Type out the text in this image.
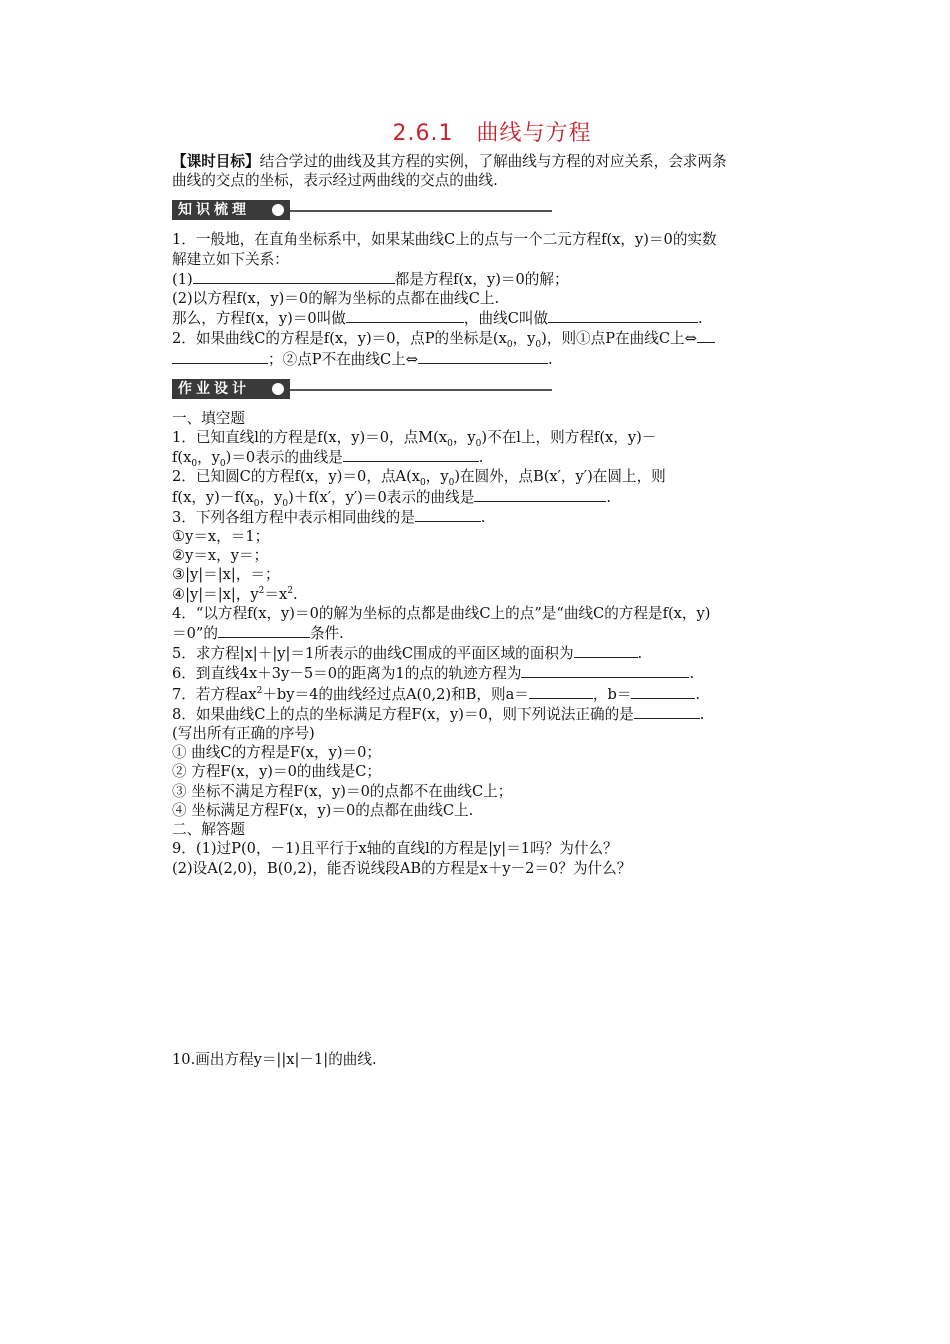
2.6.1　曲线与方程
【课时目标】结合学过的曲线及其方程的实例，了解曲线与方程的对应关系，会求两条
曲线的交点的坐标，表示经过两曲线的交点的曲线.
知识梳理
1．一般地，在直角坐标系中，如果某曲线C上的点与一个二元方程f(x，y)＝0的实数
解建立如下关系：
(1)	都是方程f(x，y)＝0的解；
(2)以方程f(x，y)＝0的解为坐标的点都在曲线C上.
那么，方程f(x，y)＝0叫做	，曲线C叫做	.
2．如果曲线C的方程是f(x，y)＝0，点P的坐标是($x_0$，$y_0$)，则①点P在曲线C上⇔
；②点P不在曲线C上⇔	.
作业设计
一、填空题
1．已知直线l的方程是f(x，y)＝0，点$M(x_0$，$y_0$)不在l上，则方程f(x，y)－
$f(x_0$，$y_0)=0$表示的曲线是	.
2．已知圆C的方程f(x，y)＝0，点$A(x_0$，$y_0$)在圆外，点B(x′，y′)在圆上，则
f(x，$y)-f(x_0$，$y_0)+f(x'$，y′)＝0表示的曲线是	.
3．下列各组方程中表示相同曲线的是	.
①y＝x，＝1；
②y＝x，y＝；
③|y|＝|x|，＝；
④|y|＝|x|，$y^2=x^2$.
4．“以方程f(x，y)＝0的解为坐标的点都是曲线C上的点”是“曲线C的方程是f(x，y)
＝0”的	条件.
5．求方程|x|＋|y|＝1所表示的曲线C围成的平面区域的面积为	.
6．到直线4x＋3y－5＝0的距离为1的点的轨迹方程为	.
7．若方程$ax^2+by=4$的曲线经过点A(0,2)和B，则a＝	，b＝	.
8．如果曲线C上的点的坐标满足方程F(x，y)＝0，则下列说法正确的是	.
(写出所有正确的序号)
① 曲线C的方程是F(x，y)＝0；
② 方程F(x，y)＝0的曲线是C；
③ 坐标不满足方程F(x，y)＝0的点都不在曲线C上；
④ 坐标满足方程F(x，y)＝0的点都在曲线C上.
二、解答题
9．(1)过P(0，－1)且平行于x轴的直线l的方程是|y|＝1吗？为什么？
(2)设A(2,0)，B(0,2)，能否说线段AB的方程是x＋y－2＝0？为什么？
10.画出方程y＝||x|－1|的曲线.
